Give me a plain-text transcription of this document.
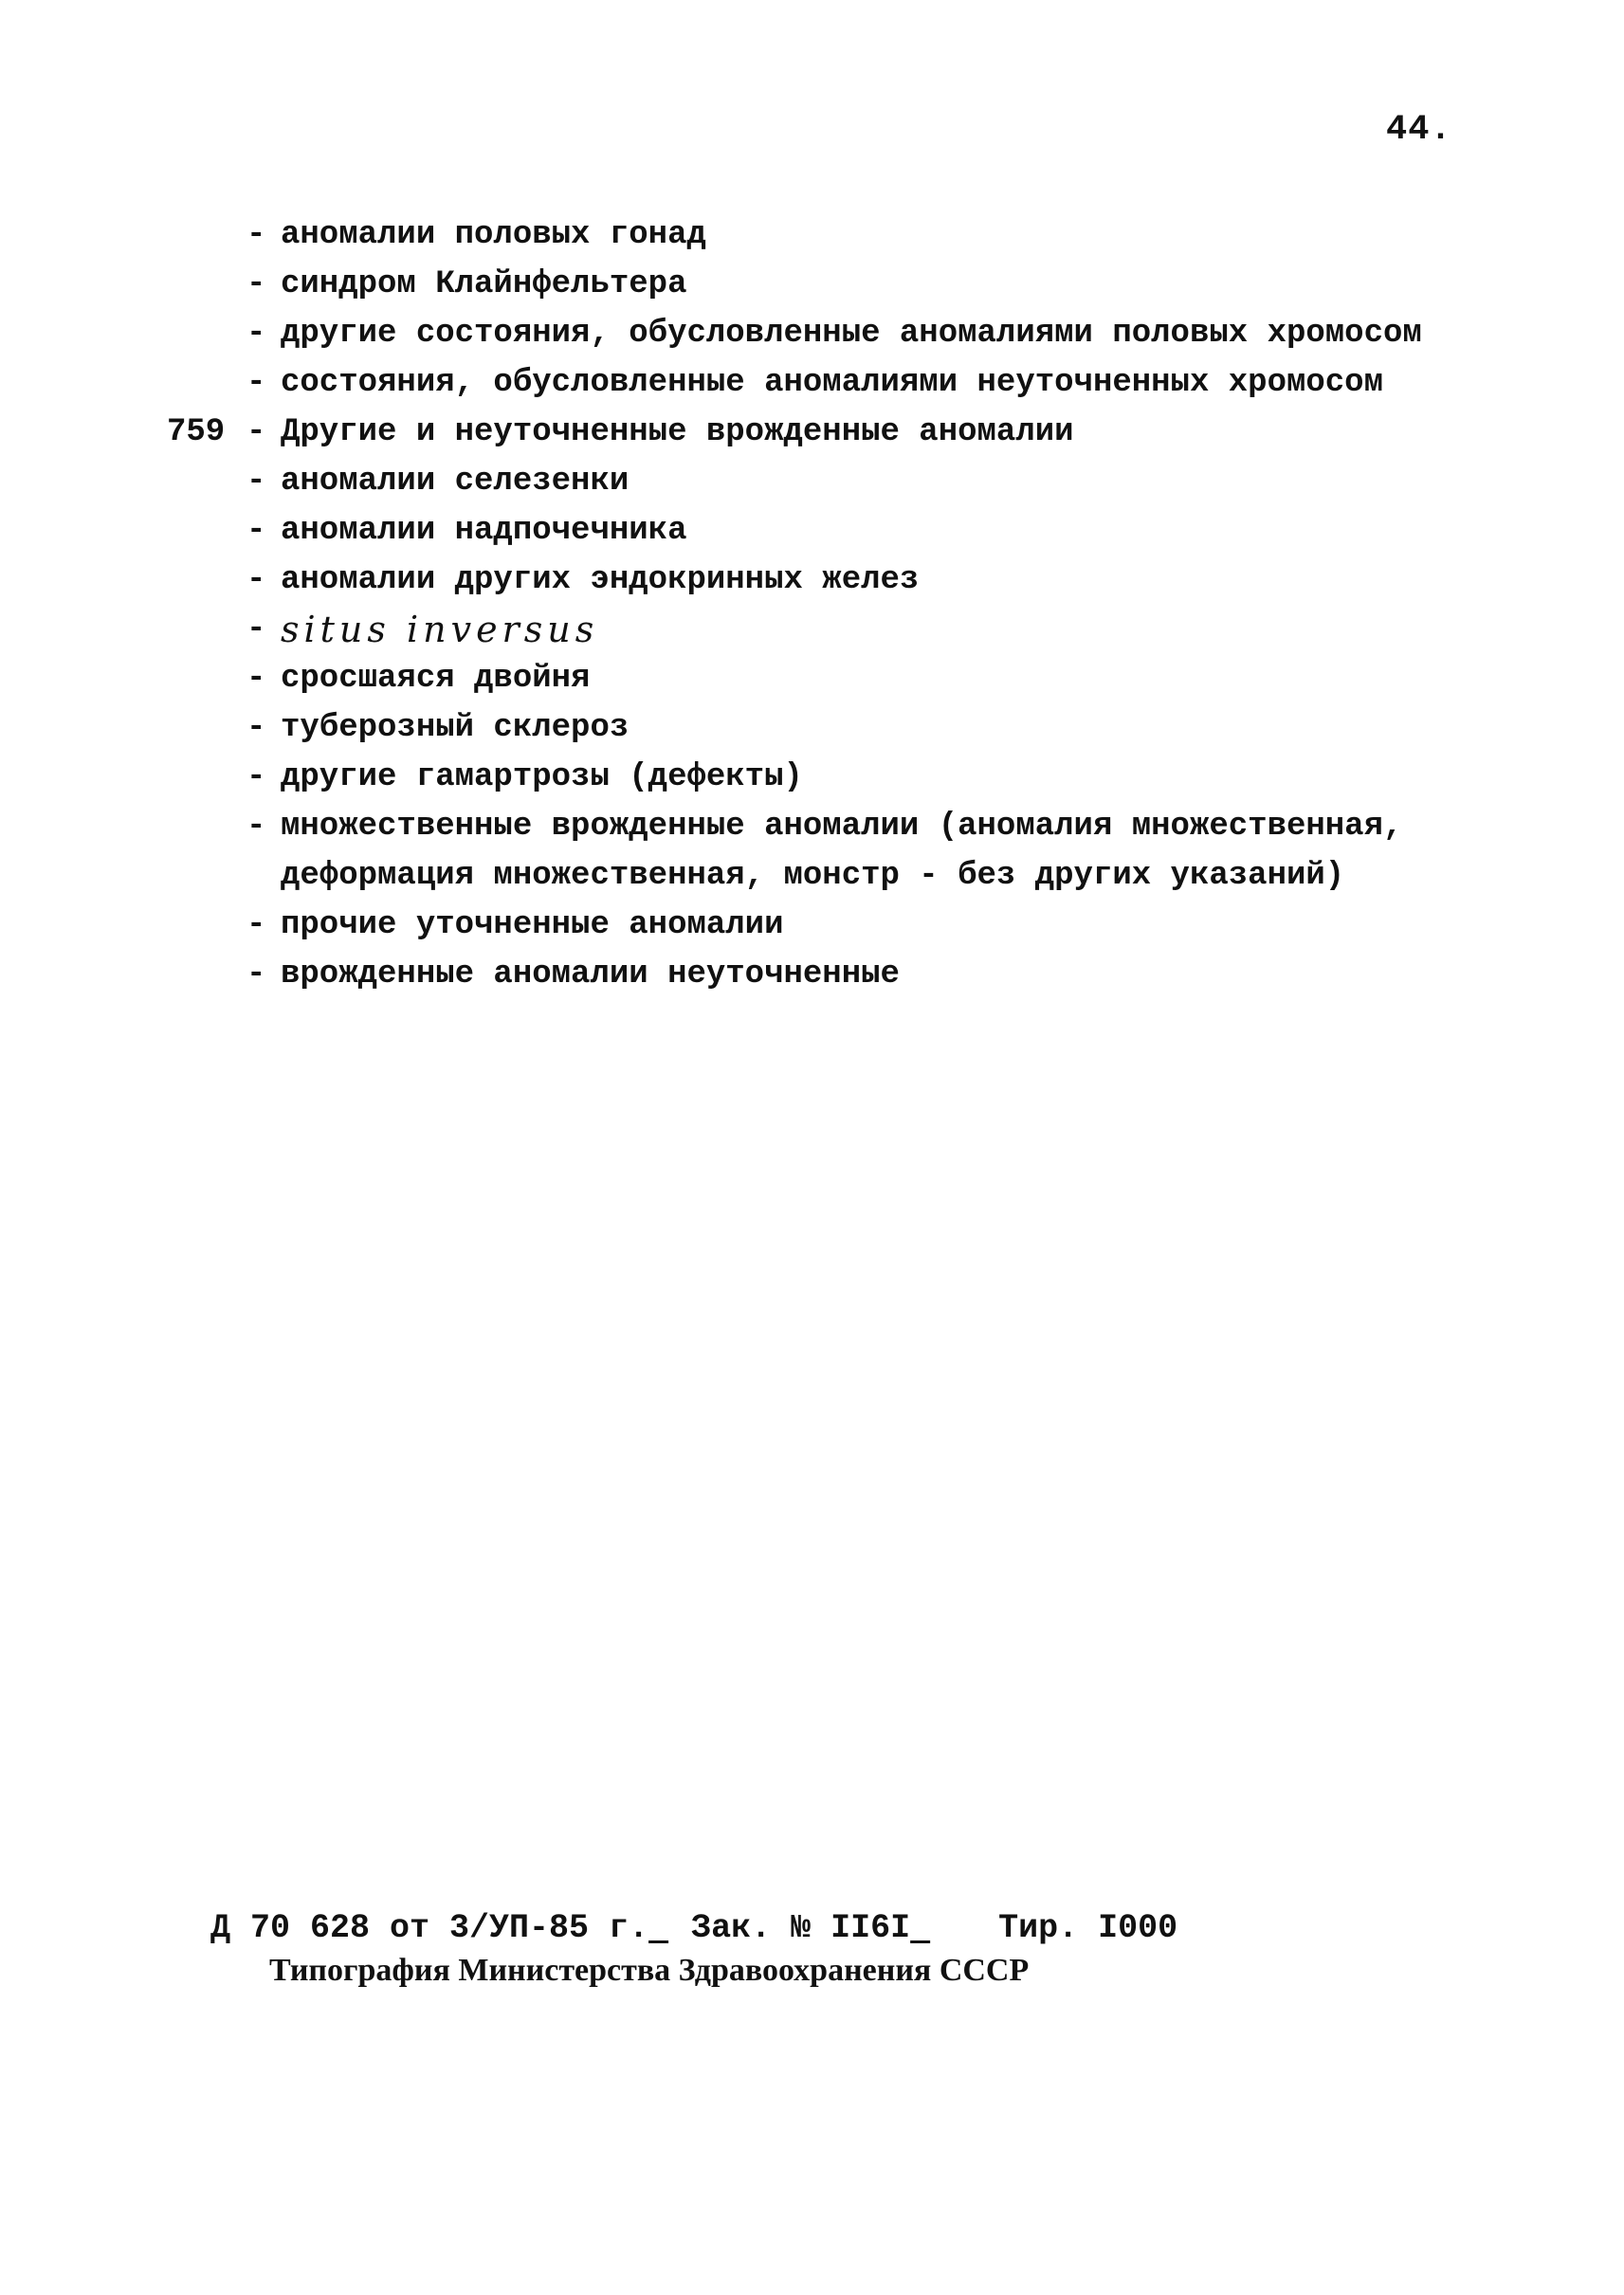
44.
- аномалии половых гонад
- синдром Клайнфельтера
- другие состояния, обусловленные аномалиями половых хромосом
- состояния, обусловленные аномалиями неуточненных хромосом
759 - Другие и неуточненные врожденные аномалии
- аномалии селезенки
- аномалии надпочечника
- аномалии других эндокринных желез
- situs inversus
- сросшаяся двойня
- туберозный склероз
- другие гамартрозы (дефекты)
- множественные врожденные аномалии (аномалия множественная, деформация множественная, монстр - без других указаний)
- прочие уточненные аномалии
- врожденные аномалии неуточненные
Д 70 628 от 3/УП-85 г. Зак. № II6I	Тир. I000
Типография Министерства Здравоохранения СССР
